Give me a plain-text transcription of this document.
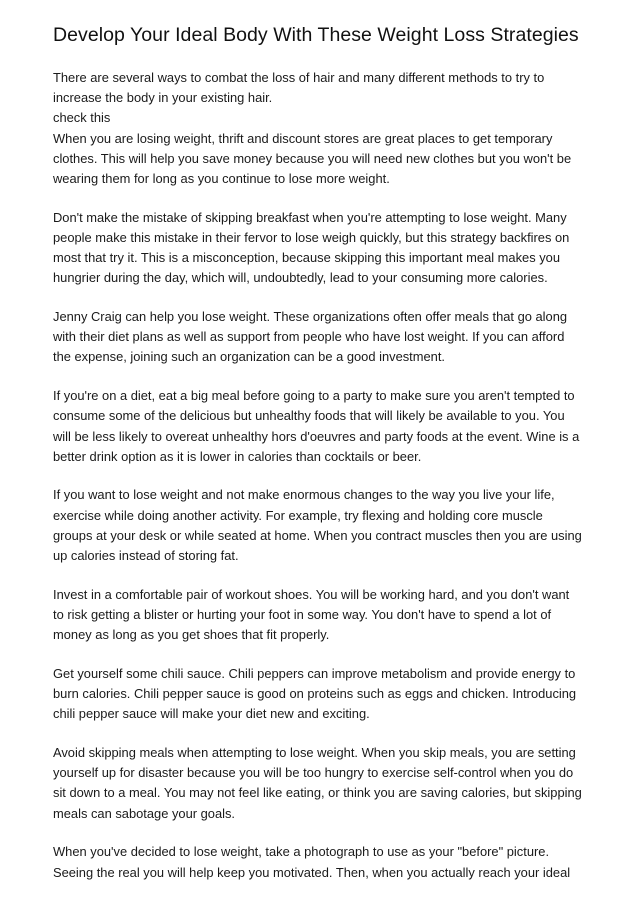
Develop Your Ideal Body With These Weight Loss Strategies

There are several ways to combat the loss of hair and many different methods to try to
increase the body in your existing hair.
check this
When you are losing weight, thrift and discount stores are great places to get temporary
clothes. This will help you save money because you will need new clothes but you won't be
wearing them for long as you continue to lose more weight.

Don't make the mistake of skipping breakfast when you're attempting to lose weight. Many
people make this mistake in their fervor to lose weigh quickly, but this strategy backfires on
most that try it. This is a misconception, because skipping this important meal makes you
hungrier during the day, which will, undoubtedly, lead to your consuming more calories.

Jenny Craig can help you lose weight. These organizations often offer meals that go along
with their diet plans as well as support from people who have lost weight. If you can afford
the expense, joining such an organization can be a good investment.

If you're on a diet, eat a big meal before going to a party to make sure you aren't tempted to
consume some of the delicious but unhealthy foods that will likely be available to you. You
will be less likely to overeat unhealthy hors d'oeuvres and party foods at the event. Wine is a
better drink option as it is lower in calories than cocktails or beer.

If you want to lose weight and not make enormous changes to the way you live your life,
exercise while doing another activity. For example, try flexing and holding core muscle
groups at your desk or while seated at home. When you contract muscles then you are using
up calories instead of storing fat.

Invest in a comfortable pair of workout shoes. You will be working hard, and you don't want
to risk getting a blister or hurting your foot in some way. You don't have to spend a lot of
money as long as you get shoes that fit properly.

Get yourself some chili sauce. Chili peppers can improve metabolism and provide energy to
burn calories. Chili pepper sauce is good on proteins such as eggs and chicken. Introducing
chili pepper sauce will make your diet new and exciting.

Avoid skipping meals when attempting to lose weight. When you skip meals, you are setting
yourself up for disaster because you will be too hungry to exercise self-control when you do
sit down to a meal. You may not feel like eating, or think you are saving calories, but skipping
meals can sabotage your goals.

When you've decided to lose weight, take a photograph to use as your "before" picture.
Seeing the real you will help keep you motivated. Then, when you actually reach your ideal
